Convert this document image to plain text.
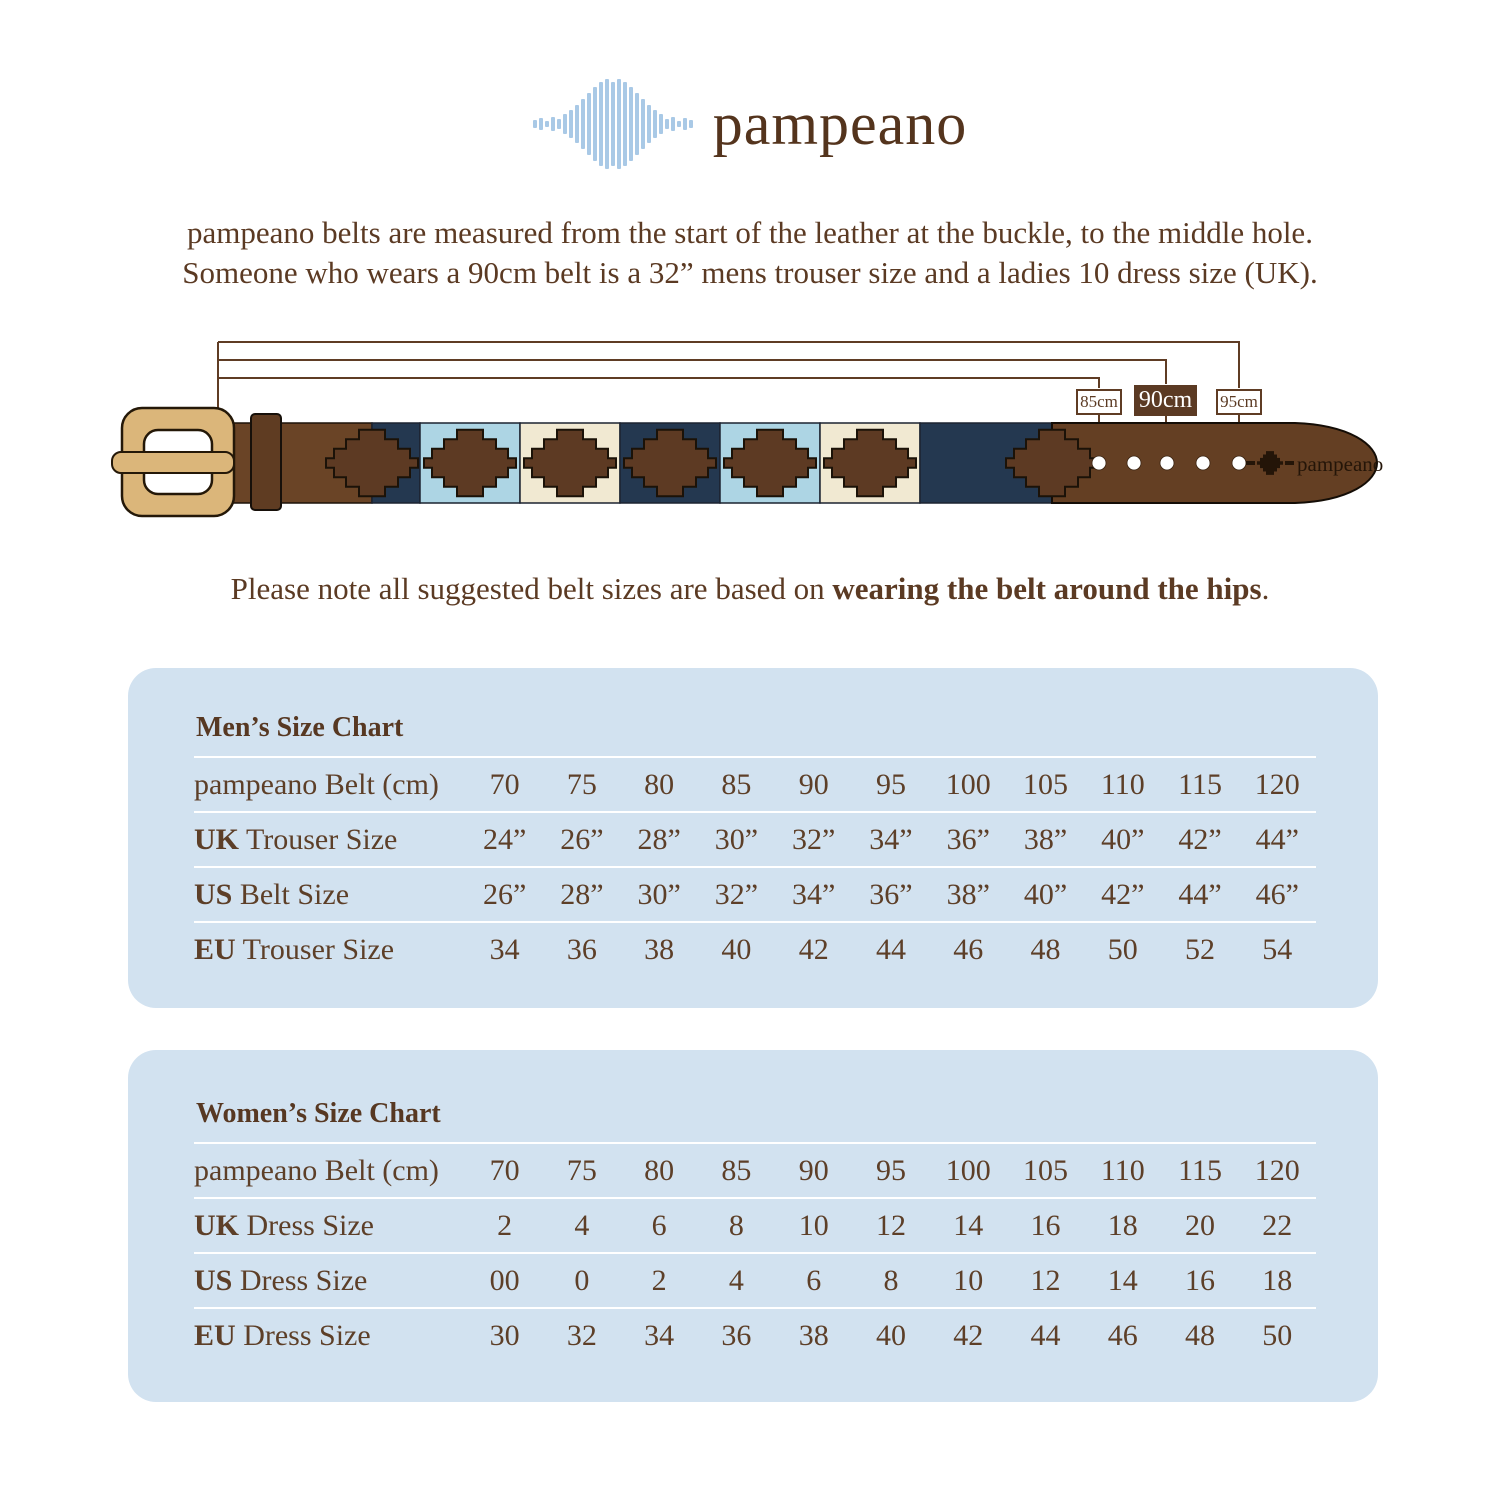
pampeano
pampeano belts are measured from the start of the leather at the buckle, to the middle hole.
Someone who wears a 90cm belt is a 32” mens trouser size and a ladies 10 dress size (UK).
pampeano
85cm 90cm 95cm
Please note all suggested belt sizes are based on wearing the belt around the hips.
Men’s Size Chart
pampeano Belt (cm)	70	75	80	85	90	95	100	105	110	115	120
UK Trouser Size	24”	26”	28”	30”	32”	34”	36”	38”	40”	42”	44”
US Belt Size	26”	28”	30”	32”	34”	36”	38”	40”	42”	44”	46”
EU Trouser Size	34	36	38	40	42	44	46	48	50	52	54
Women’s Size Chart
pampeano Belt (cm)	70	75	80	85	90	95	100	105	110	115	120
UK Dress Size	2	4	6	8	10	12	14	16	18	20	22
US Dress Size	00	0	2	4	6	8	10	12	14	16	18
EU Dress Size	30	32	34	36	38	40	42	44	46	48	50
